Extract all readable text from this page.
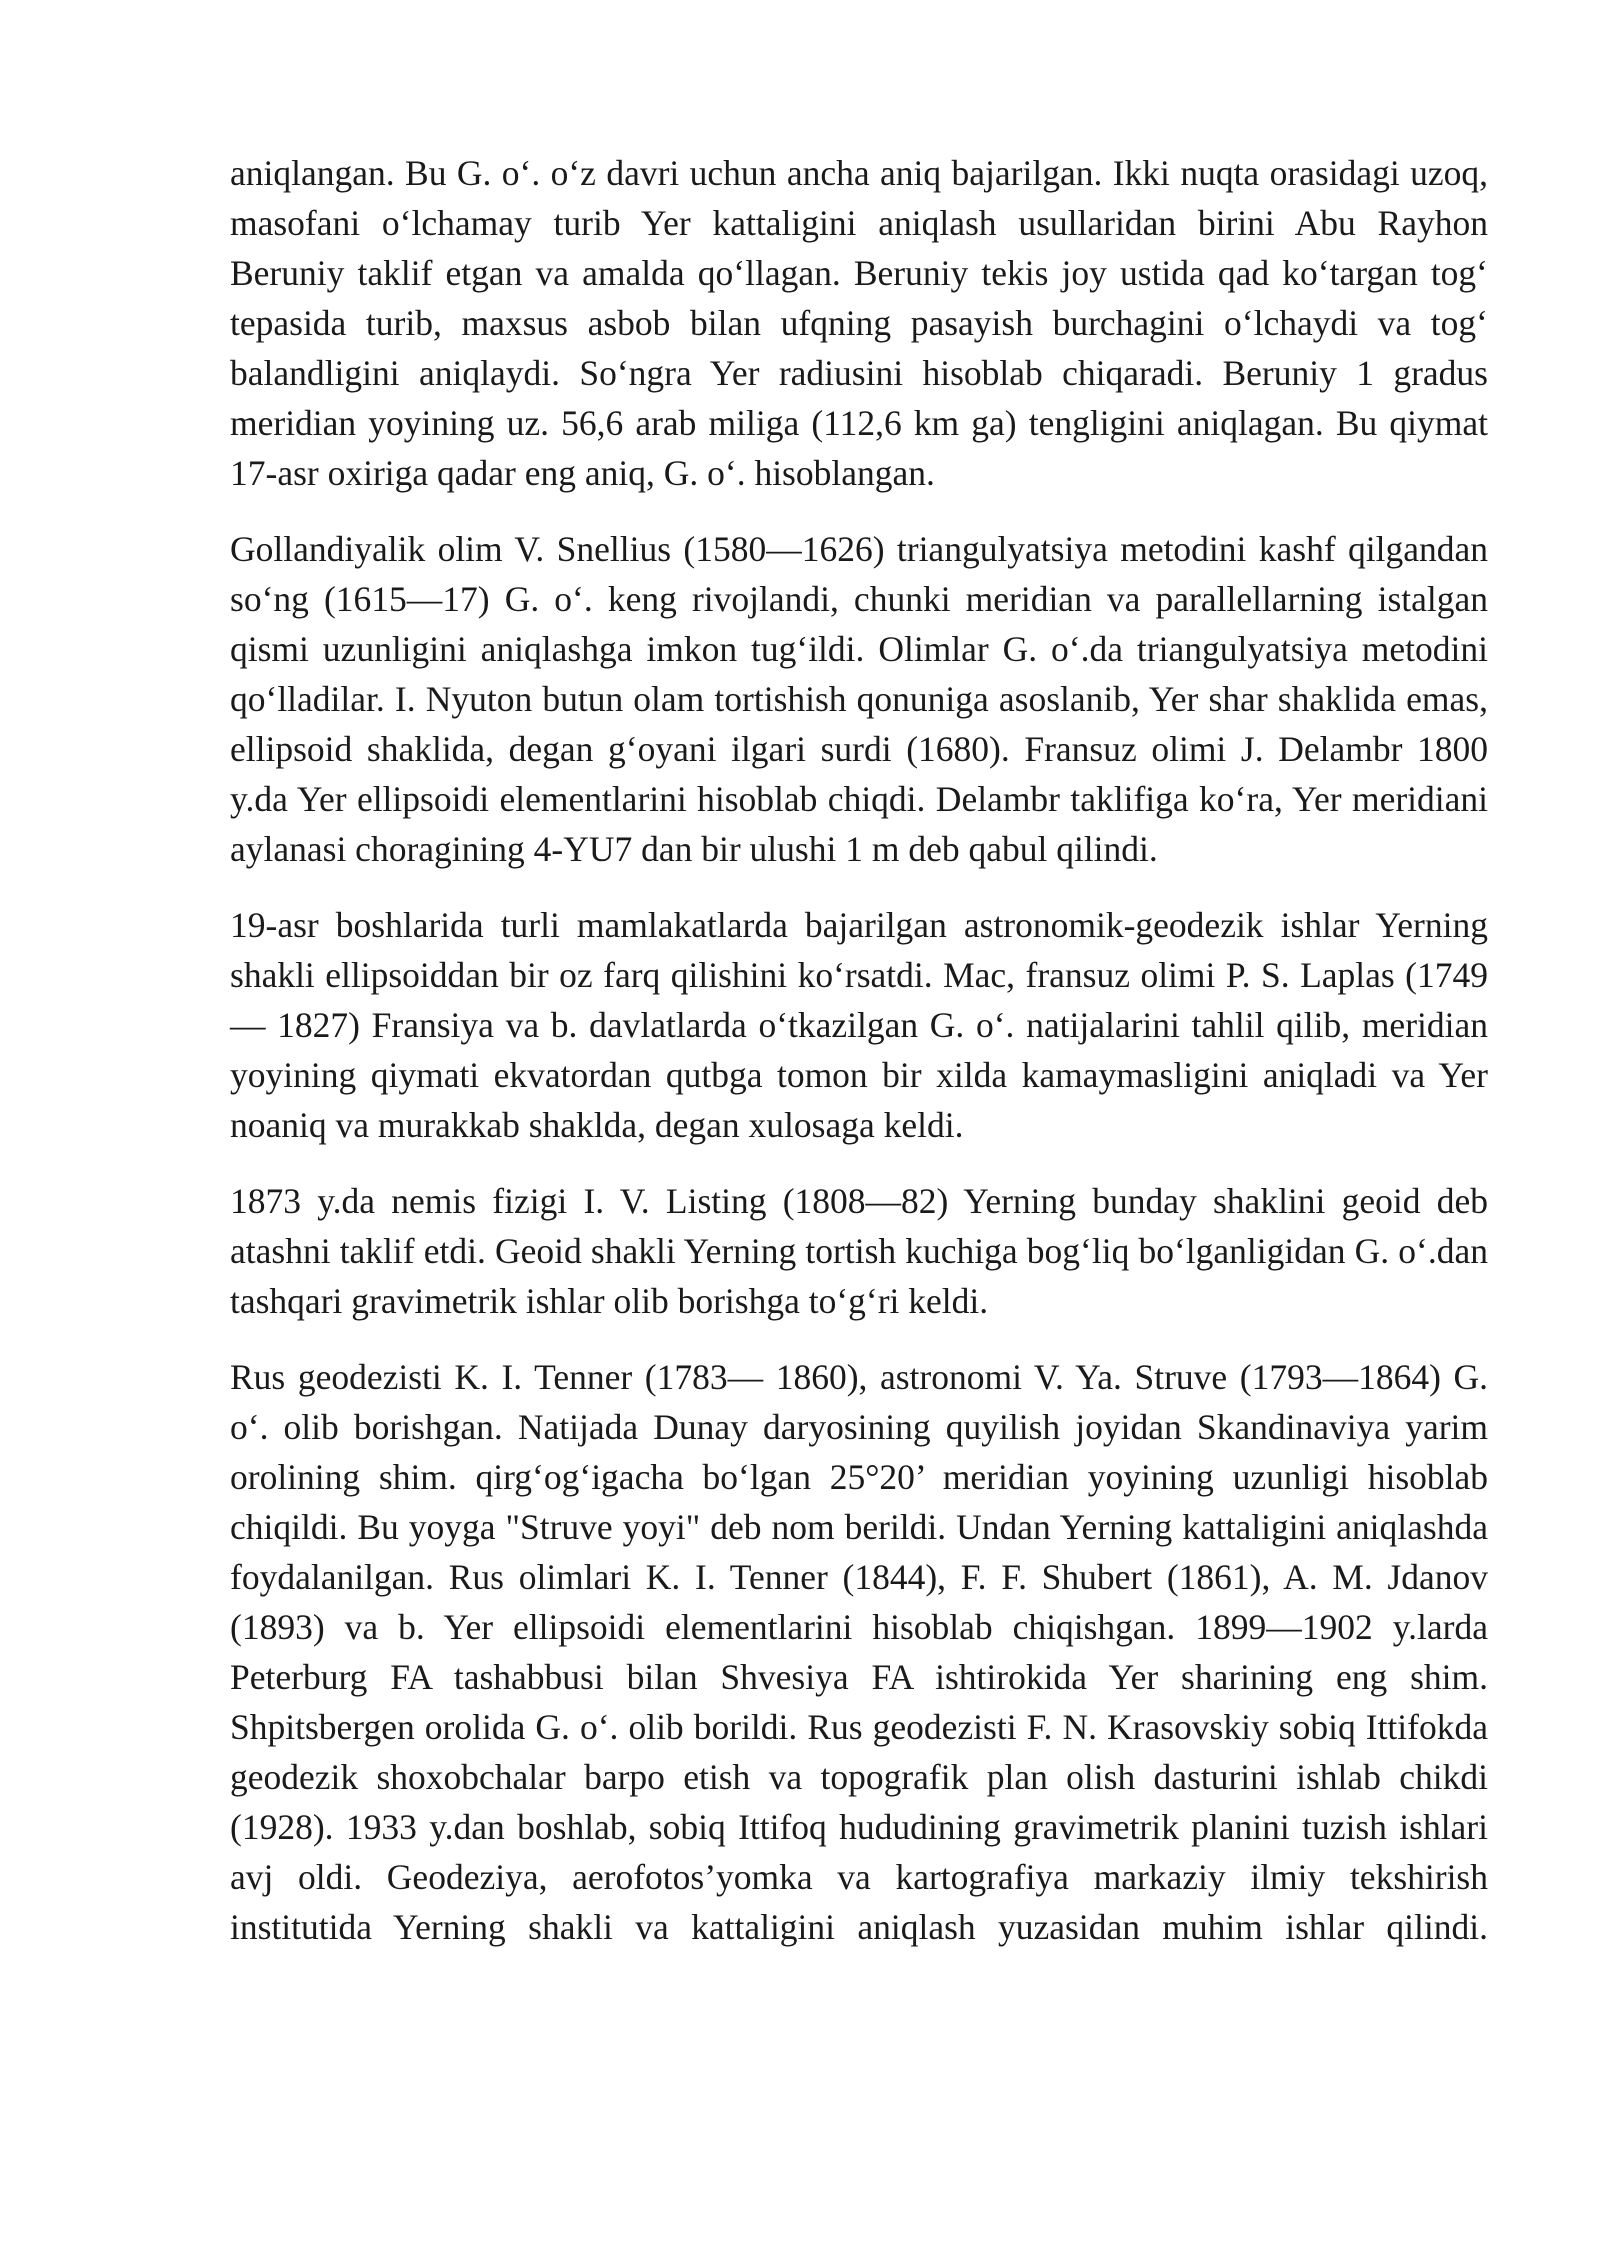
aniqlangan. Bu G. o‘. o‘z davri uchun ancha aniq bajarilgan. Ikki nuqta orasidagi uzoq, masofani o‘lchamay turib Yer kattaligini aniqlash usullaridan birini Abu Rayhon Beruniy taklif etgan va amalda qo‘llagan. Beruniy tekis joy ustida qad ko‘targan tog‘ tepasida turib, maxsus asbob bilan ufqning pasayish burchagini o‘lchaydi va tog‘ balandligini aniqlaydi. So‘ngra Yer radiusini hisoblab chiqaradi. Beruniy 1 gradus meridian yoyining uz. 56,6 arab miliga (112,6 km ga) tengligini aniqlagan. Bu qiymat 17-asr oxiriga qadar eng aniq, G. o‘. hisoblangan.

Gollandiyalik olim V. Snellius (1580—1626) triangulyatsiya metodini kashf qilgandan so‘ng (1615—17) G. o‘. keng rivojlandi, chunki meridian va parallellarning istalgan qismi uzunligini aniqlashga imkon tug‘ildi. Olimlar G. o‘.da triangulyatsiya metodini qo‘lladilar. I. Nyuton butun olam tortishish qonuniga asoslanib, Yer shar shaklida emas, ellipsoid shaklida, degan g‘oyani ilgari surdi (1680). Fransuz olimi J. Delambr 1800 y.da Yer ellipsoidi elementlarini hisoblab chiqdi. Delambr taklifiga ko‘ra, Yer meridiani aylanasi choragining 4-YU7 dan bir ulushi 1 m deb qabul qilindi.

19-asr boshlarida turli mamlakatlarda bajarilgan astronomik-geodezik ishlar Yerning shakli ellipsoiddan bir oz farq qilishini ko‘rsatdi. Mac, fransuz olimi P. S. Laplas (1749— 1827) Fransiya va b. davlatlarda o‘tkazilgan G. o‘. natijalarini tahlil qilib, meridian yoyining qiymati ekvatordan qutbga tomon bir xilda kamaymasligini aniqladi va Yer noaniq va murakkab shaklda, degan xulosaga keldi.

1873 y.da nemis fizigi I. V. Listing (1808—82) Yerning bunday shaklini geoid deb atashni taklif etdi. Geoid shakli Yerning tortish kuchiga bog‘liq bo‘lganligidan G. o‘.dan tashqari gravimetrik ishlar olib borishga to‘g‘ri keldi.

Rus geodezisti K. I. Tenner (1783— 1860), astronomi V. Ya. Struve (1793—1864) G. o‘. olib borishgan. Natijada Dunay daryosining quyilish joyidan Skandinaviya yarim orolining shim. qirg‘og‘igacha bo‘lgan 25°20’ meridian yoyining uzunligi hisoblab chiqildi. Bu yoyga "Struve yoyi" deb nom berildi. Undan Yerning kattaligini aniqlashda foydalanilgan. Rus olimlari K. I. Tenner (1844), F. F. Shubert (1861), A. M. Jdanov (1893) va b. Yer ellipsoidi elementlarini hisoblab chiqishgan. 1899—1902 y.larda Peterburg FA tashabbusi bilan Shvesiya FA ishtirokida Yer sharining eng shim. Shpitsbergen orolida G. o‘. olib borildi. Rus geodezisti F. N. Krasovskiy sobiq Ittifokda geodezik shoxobchalar barpo etish va topografik plan olish dasturini ishlab chikdi (1928). 1933 y.dan boshlab, sobiq Ittifoq hududining gravimetrik planini tuzish ishlari avj oldi. Geodeziya, aerofotos’yomka va kartografiya markaziy ilmiy tekshirish institutida Yerning shakli va kattaligini aniqlash yuzasidan muhim ishlar qilindi.
